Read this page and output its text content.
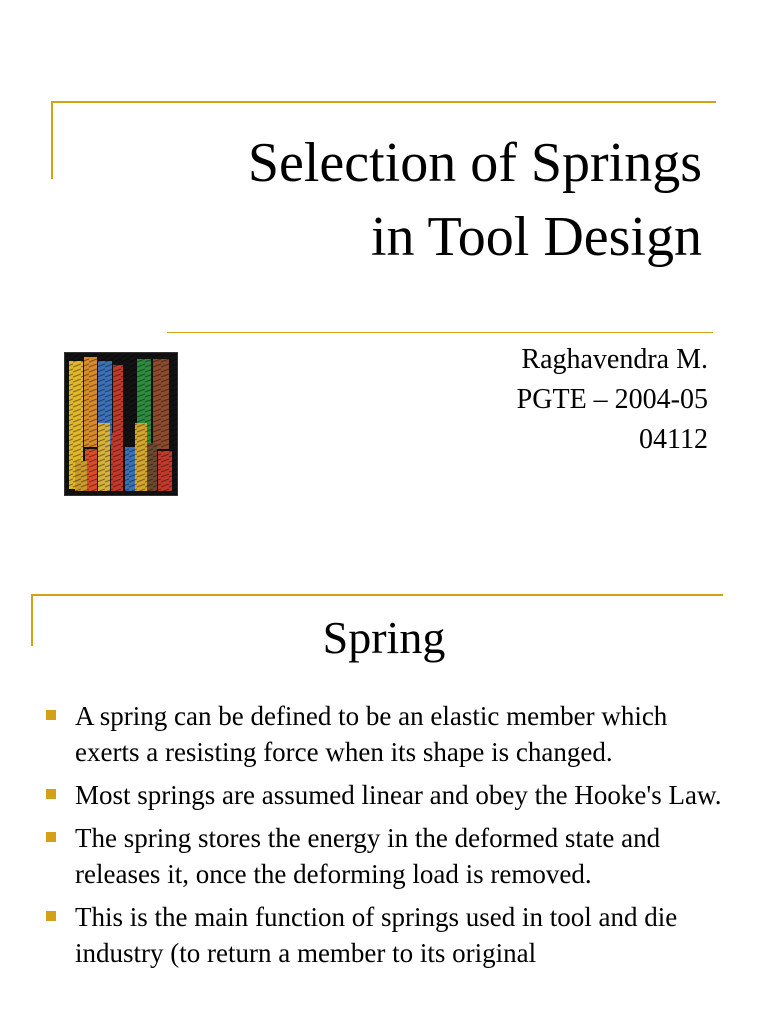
Selection of Springs
in Tool Design
Raghavendra M.
PGTE – 2004-05
04112
Spring
A spring can be defined to be an elastic member which exerts a resisting force when its shape is changed.
Most springs are assumed linear and obey the Hooke's Law.
The spring stores the energy in the deformed state and releases it, once the deforming load is removed.
This is the main function of springs used in tool and die industry (to return a member to its original
